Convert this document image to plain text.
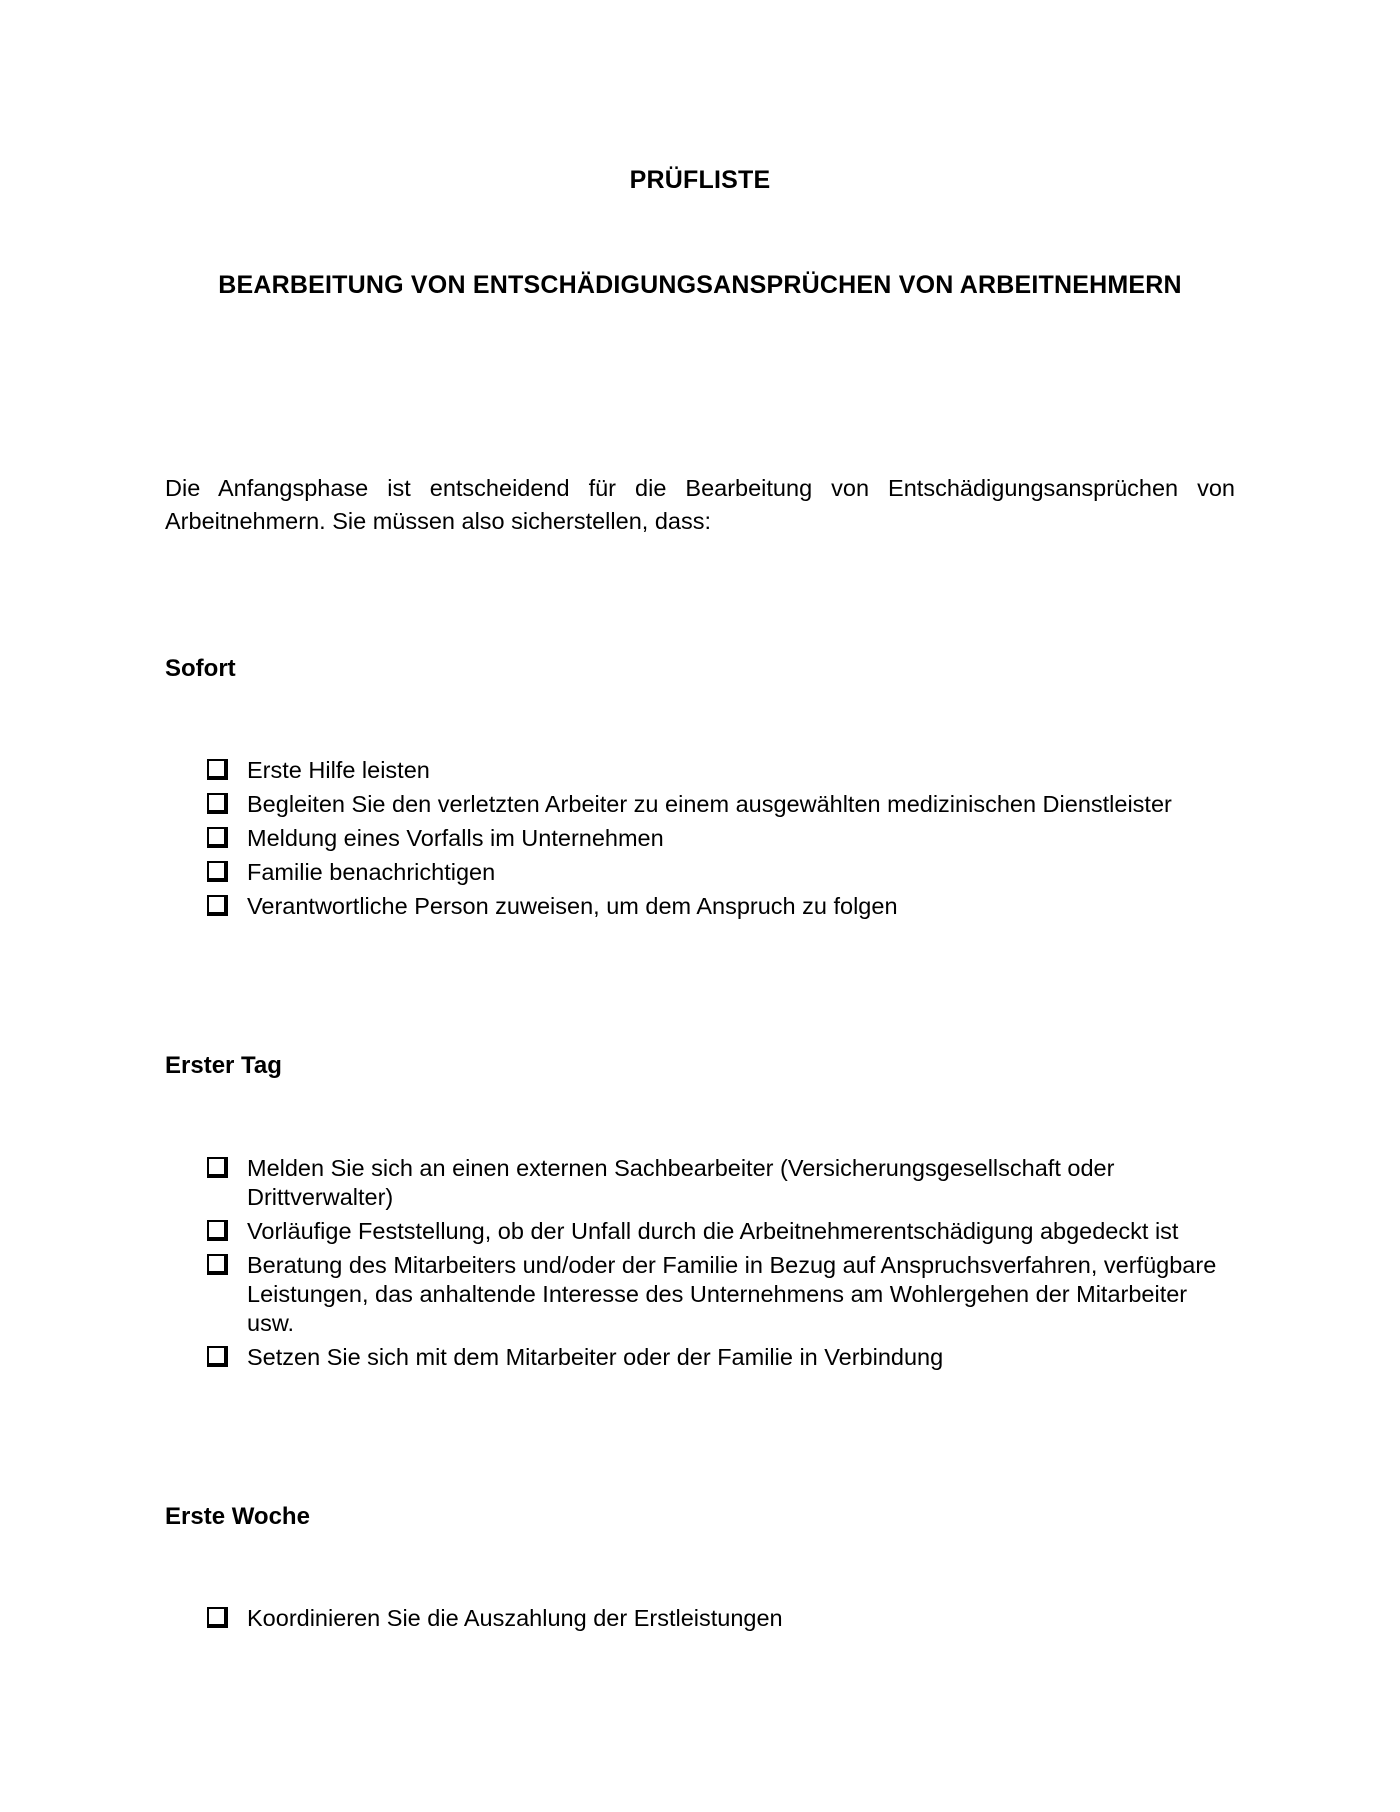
PRÜFLISTE
BEARBEITUNG VON ENTSCHÄDIGUNGSANSPRÜCHEN VON ARBEITNEHMERN

Die Anfangsphase ist entscheidend für die Bearbeitung von Entschädigungsansprüchen von Arbeitnehmern. Sie müssen also sicherstellen, dass:

Sofort
Erste Hilfe leisten
Begleiten Sie den verletzten Arbeiter zu einem ausgewählten medizinischen Dienstleister
Meldung eines Vorfalls im Unternehmen
Familie benachrichtigen
Verantwortliche Person zuweisen, um dem Anspruch zu folgen
Erster Tag
Melden Sie sich an einen externen Sachbearbeiter (Versicherungsgesellschaft oder Drittverwalter)
Vorläufige Feststellung, ob der Unfall durch die Arbeitnehmerentschädigung abgedeckt ist
Beratung des Mitarbeiters und/oder der Familie in Bezug auf Anspruchsverfahren, verfügbare Leistungen, das anhaltende Interesse des Unternehmens am Wohlergehen der Mitarbeiter usw.
Setzen Sie sich mit dem Mitarbeiter oder der Familie in Verbindung
Erste Woche
Koordinieren Sie die Auszahlung der Erstleistungen
